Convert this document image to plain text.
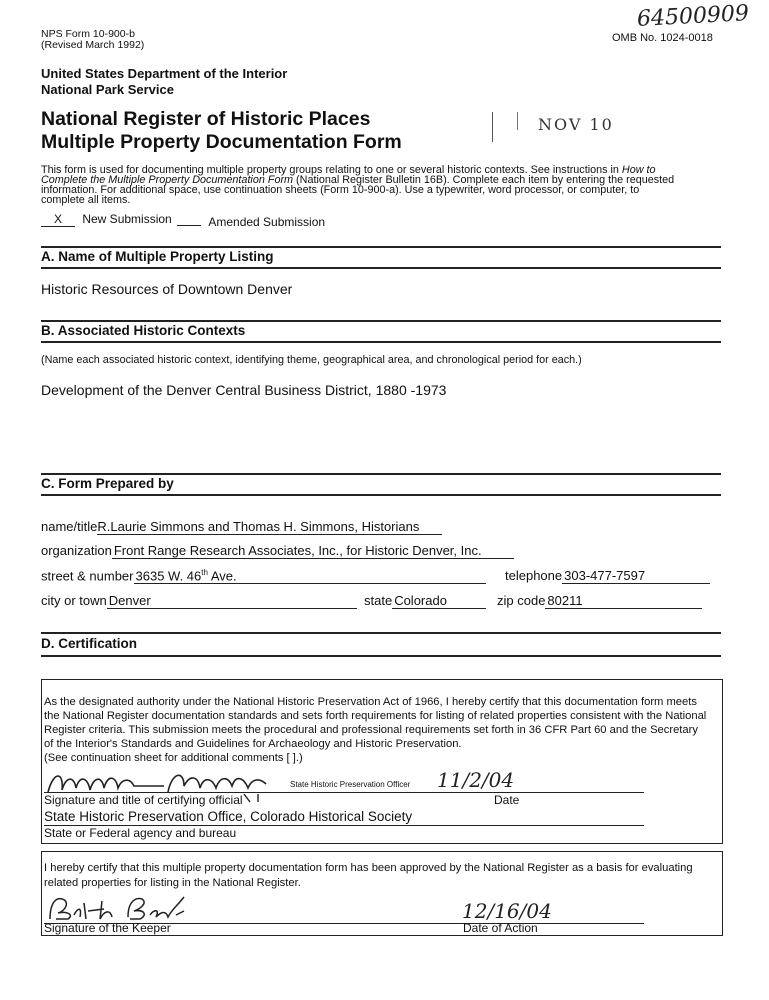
NPS Form 10-900-b
(Revised March 1992)
OMB No. 1024-0018
64500909
United States Department of the Interior
National Park Service
National Register of Historic Places
Multiple Property Documentation Form
NOV 10
This form is used for documenting multiple property groups relating to one or several historic contexts. See instructions in How to
Complete the Multiple Property Documentation Form (National Register Bulletin 16B). Complete each item by entering the requested
information. For additional space, use continuation sheets (Form 10-900-a). Use a typewriter, word processor, or computer, to
complete all items.
X New Submission	Amended Submission
A. Name of Multiple Property Listing
Historic Resources of Downtown Denver
B. Associated Historic Contexts
(Name each associated historic context, identifying theme, geographical area, and chronological period for each.)
Development of the Denver Central Business District, 1880 -1973
C. Form Prepared by
name/titleR.Laurie Simmons and Thomas H. Simmons, Historians
organization Front Range Research Associates, Inc., for Historic Denver, Inc.
street & number 3635 W. 46th Ave.	telephone 303-477-7597
city or town Denver	state Colorado	zip code 80211
D. Certification
As the designated authority under the National Historic Preservation Act of 1966, I hereby certify that this documentation form meets
the National Register documentation standards and sets forth requirements for listing of related properties consistent with the National
Register criteria. This submission meets the procedural and professional requirements set forth in 36 CFR Part 60 and the Secretary
of the Interior's Standards and Guidelines for Archaeology and Historic Preservation.
(See continuation sheet for additional comments [ ].)
State Historic Preservation Officer 11/2/04
Signature and title of certifying official	Date
State Historic Preservation Office, Colorado Historical Society
State or Federal agency and bureau
I hereby certify that this multiple property documentation form has been approved by the National Register as a basis for evaluating
related properties for listing in the National Register.
12/16/04
Signature of the Keeper	Date of Action
